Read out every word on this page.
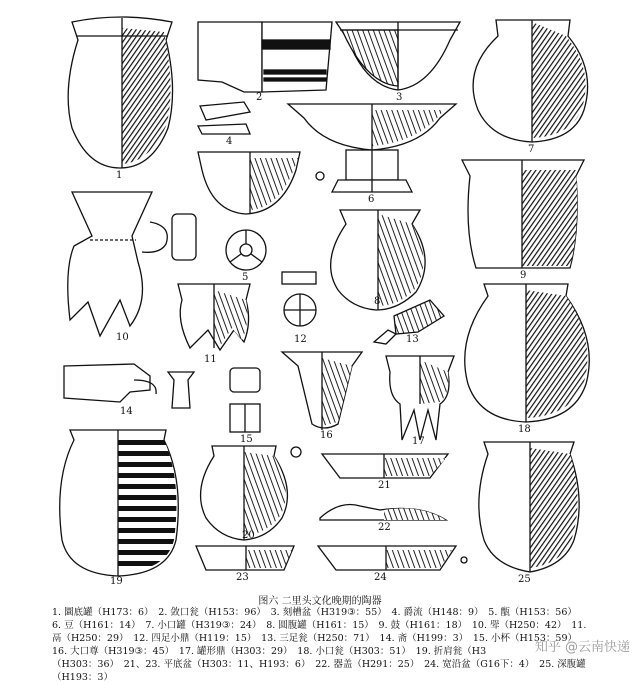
1
2	3
4
5
6
7
8
9
10
11
12	13
14
15	16
17
18
19
20
21
22
23	24	25
图六 二里头文化晚期的陶器
1. 圜底罐（H173：6）　2. 敛口瓮（H153：96）　3. 刻槽盆（H319③：55）　4. 爵流（H148：9）　5. 甑（H153：56）
6. 豆（H161：14）　7. 小口罐（H319③：24）　8. 圆腹罐（H161：15）　9. 鼓（H161：18）　10. 斝（H250：42）　11.
鬲（H250：29）　12. 四足小鼎（H119：15）　13. 三足瓮（H250：71）　14. 斋（H199：3）　15. 小杯（H153：59）
16. 大口尊（H319③：45）　17. 罐形鼎（H303：29）　18. 小口瓮（H303：51）　19. 折肩瓮（H3
（H303：36）　21、23. 平底盆（H303：11、H193：6）　22. 器盖（H291：25）　24. 宽沿盆（G16下：4）　25. 深腹罐
（H193：3）
知乎 @云南快递
